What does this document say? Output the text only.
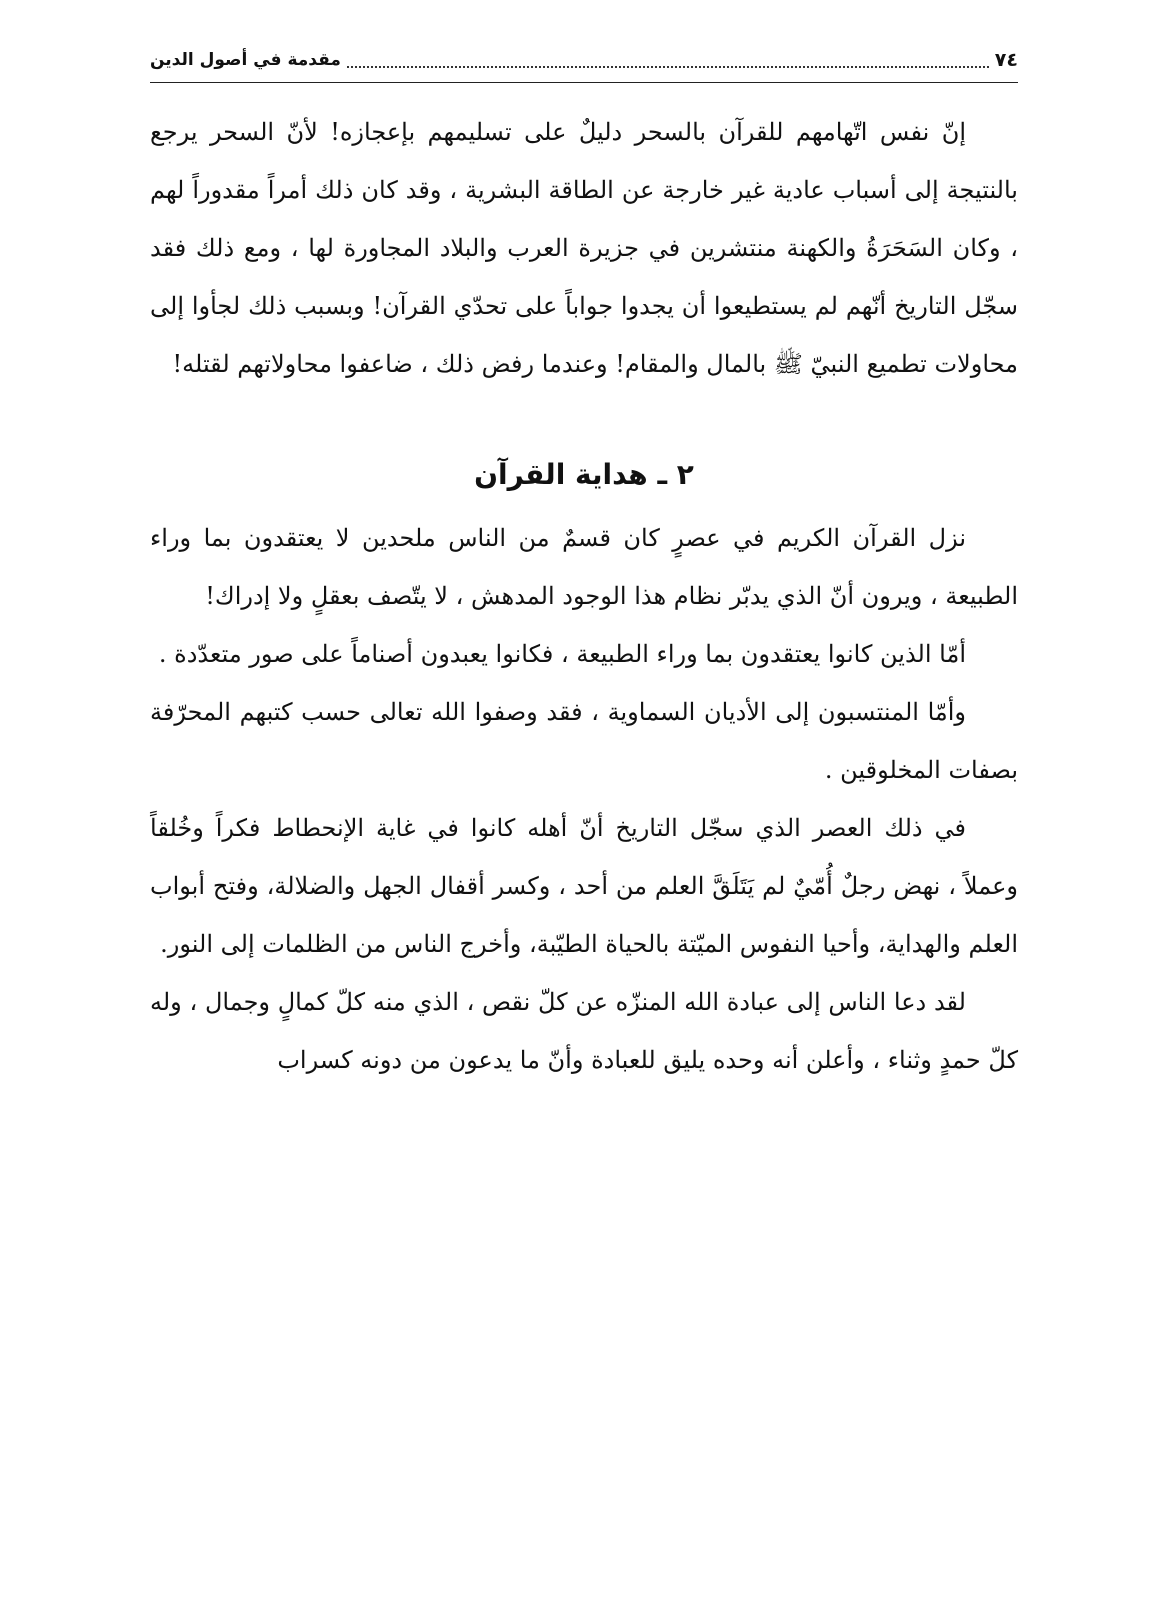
٧٤
مقدمة في أصول الدين

إنّ نفس اتّهامهم للقرآن بالسحر دليلٌ على تسليمهم بإعجازه! لأنّ السحر يرجع بالنتيجة إلى أسباب عادية غير خارجة عن الطاقة البشرية ، وقد كان ذلك أمراً مقدوراً لهم ، وكان السَحَرَةُ والكهنة منتشرين في جزيرة العرب والبلاد المجاورة لها ، ومع ذلك فقد سجّل التاريخ أنّهم لم يستطيعوا أن يجدوا جواباً على تحدّي القرآن! وبسبب ذلك لجأوا إلى محاولات تطميع النبيّ ﷺ بالمال والمقام! وعندما رفض ذلك ، ضاعفوا محاولاتهم لقتله!

٢ ـ هداية القرآن

نزل القرآن الكريم في عصرٍ كان قسمٌ من الناس ملحدين لا يعتقدون بما وراء الطبيعة ، ويرون أنّ الذي يدبّر نظام هذا الوجود المدهش ، لا يتّصف بعقلٍ ولا إدراك!

أمّا الذين كانوا يعتقدون بما وراء الطبيعة ، فكانوا يعبدون أصناماً على صور متعدّدة .

وأمّا المنتسبون إلى الأديان السماوية ، فقد وصفوا الله تعالى حسب كتبهم المحرّفة بصفات المخلوقين .

في ذلك العصر الذي سجّل التاريخ أنّ أهله كانوا في غاية الإنحطاط فكراً وخُلقاً وعملاً ، نهض رجلٌ أُمّيٌ لم يَتَلَقَّ العلم من أحد ، وكسر أقفال الجهل والضلالة، وفتح أبواب العلم والهداية، وأحيا النفوس الميّتة بالحياة الطيّبة، وأخرج الناس من الظلمات إلى النور.

لقد دعا الناس إلى عبادة الله المنزّه عن كلّ نقص ، الذي منه كلّ كمالٍ وجمال ، وله كلّ حمدٍ وثناء ، وأعلن أنه وحده يليق للعبادة وأنّ ما يدعون من دونه كسراب
